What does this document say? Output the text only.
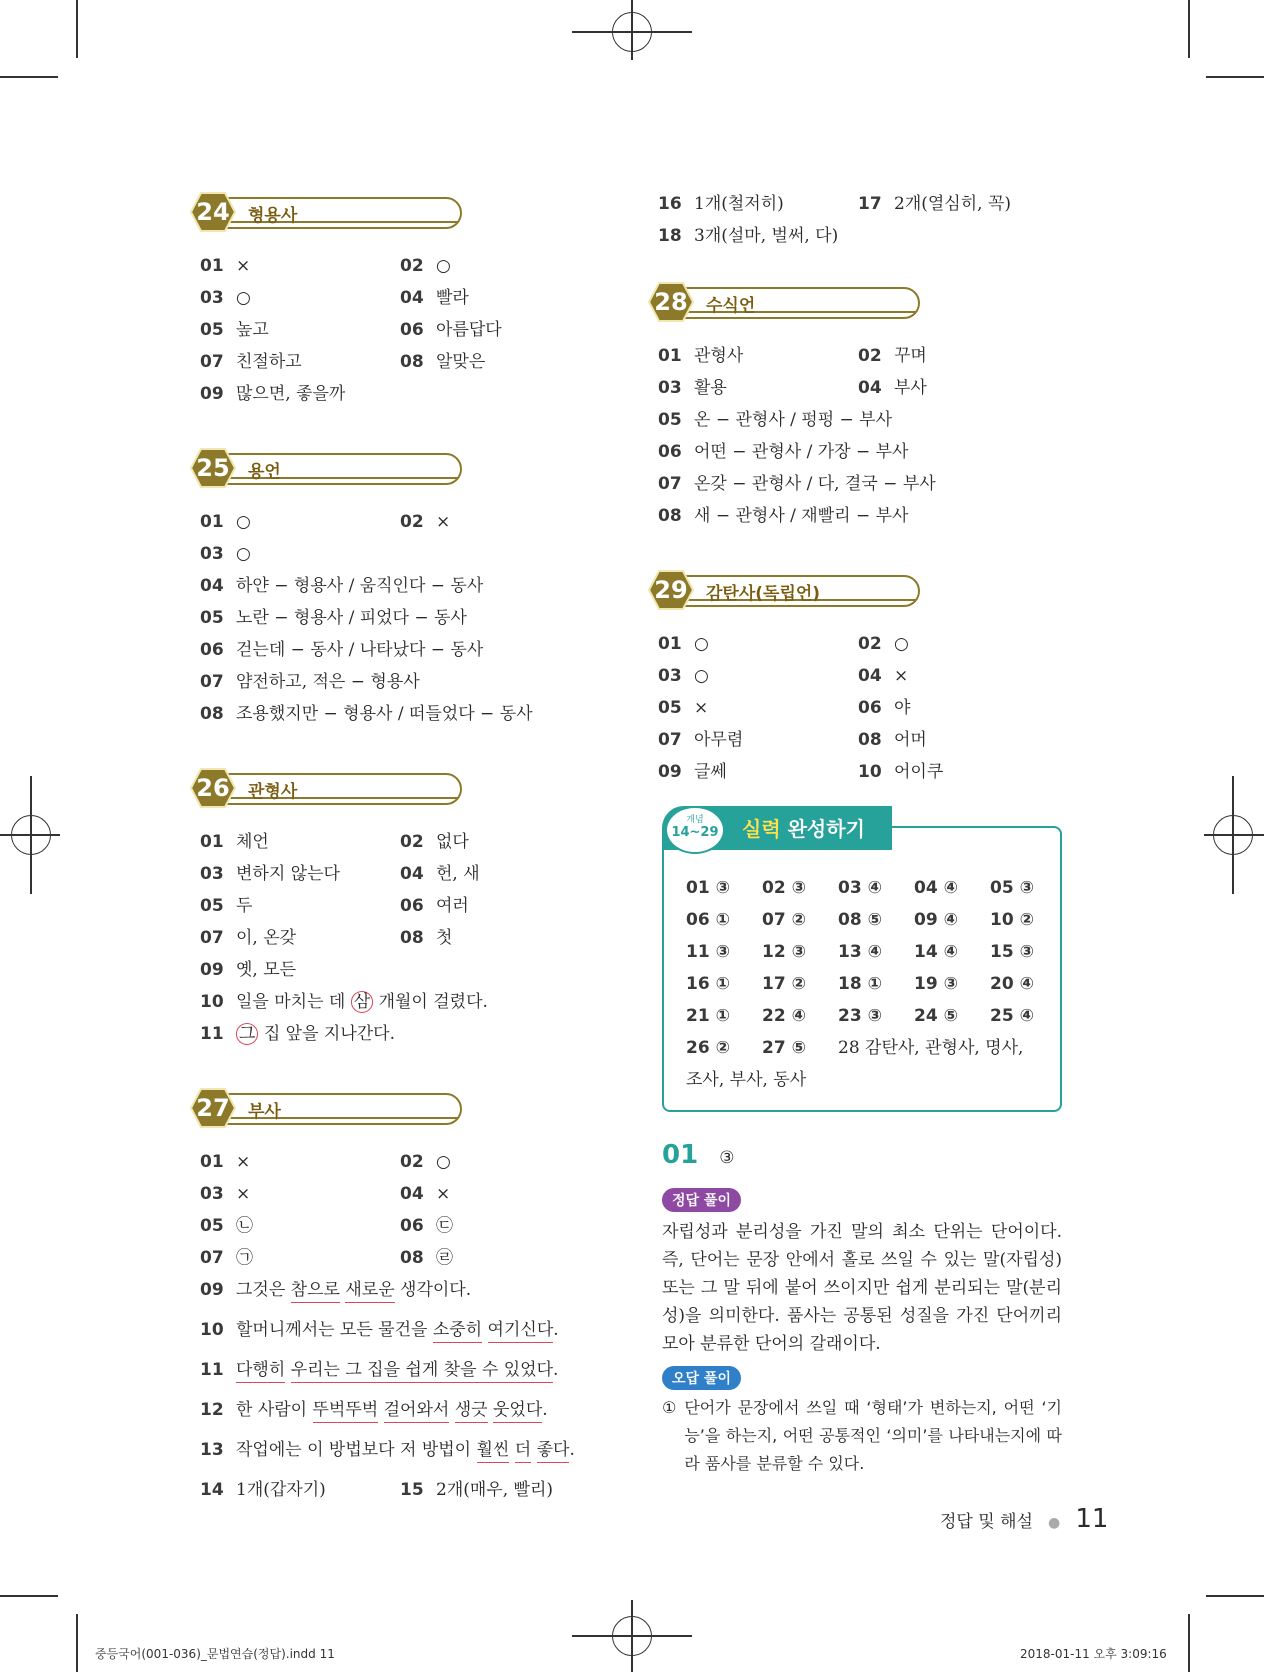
24	형용사
01 ×	02 ○
03 ○	04 빨라
05 높고	06 아름답다
07 친절하고	08 알맞은
09 많으면, 좋을까
25	용언
01 ○	02 ×
03 ○
04 하얀 − 형용사 / 움직인다 − 동사
05 노란 − 형용사 / 피었다 − 동사
06 걷는데 − 동사 / 나타났다 − 동사
07 얌전하고, 적은 − 형용사
08 조용했지만 − 형용사 / 떠들었다 − 동사
26	관형사
01 체언	02 없다
03 변하지 않는다	04 헌, 새
05 두	06 여러
07 이, 온갖	08 첫
09 옛, 모든
10 일을 마치는 데 삼 개월이 걸렸다.
11 그 집 앞을 지나간다.
27	부사
01 ×	02 ○
03 ×	04 ×
05 ㉡	06 ㉢
07 ㉠	08 ㉣
09 그것은 참으로 새로운 생각이다.
10 할머니께서는 모든 물건을 소중히 여기신다.
11 다행히 우리는 그 집을 쉽게 찾을 수 있었다.
12 한 사람이 뚜벅뚜벅 걸어와서 생긋 웃었다.
13 작업에는 이 방법보다 저 방법이 훨씬 더 좋다.
14 1개(갑자기)	15 2개(매우, 빨리)
16 1개(철저히)	17 2개(열심히, 꼭)
18 3개(설마, 벌써, 다)
28	수식언
01 관형사	02 꾸며
03 활용	04 부사
05 온 − 관형사 / 펑펑 − 부사
06 어떤 − 관형사 / 가장 − 부사
07 온갖 − 관형사 / 다, 결국 − 부사
08 새 − 관형사 / 재빨리 − 부사
29	감탄사(독립언)
01 ○	02 ○
03 ○	04 ×
05 ×	06 야
07 아무렴	08 어머
09 글쎄	10 어이쿠
개념
14~29 실력 완성하기
01 ③ 02 ③ 03 ④ 04 ④ 05 ③
06 ① 07 ② 08 ⑤ 09 ④ 10 ②
11 ③ 12 ③ 13 ④ 14 ④ 15 ③
16 ① 17 ② 18 ① 19 ③ 20 ④
21 ① 22 ④ 23 ③ 24 ⑤ 25 ④
26 ② 27 ⑤ 28 감탄사, 관형사, 명사,
조사, 부사, 동사
01 ③
정답 풀이
자립성과 분리성을 가진 말의 최소 단위는 단어이다. 즉, 단어는 문장 안에서 홀로 쓰일 수 있는 말(자립성) 또는 그 말 뒤에 붙어 쓰이지만 쉽게 분리되는 말(분리성)을 의미한다. 품사는 공통된 성질을 가진 단어끼리 모아 분류한 단어의 갈래이다.
오답 풀이
① 단어가 문장에서 쓰일 때 ‘형태’가 변하는지, 어떤 ‘기능’을 하는지, 어떤 공통적인 ‘의미’를 나타내는지에 따라 품사를 분류할 수 있다.
정답 및 해설 ● 11
중등국어(001-036)_문법연습(정답).indd 11	2018-01-11 오후 3:09:16
